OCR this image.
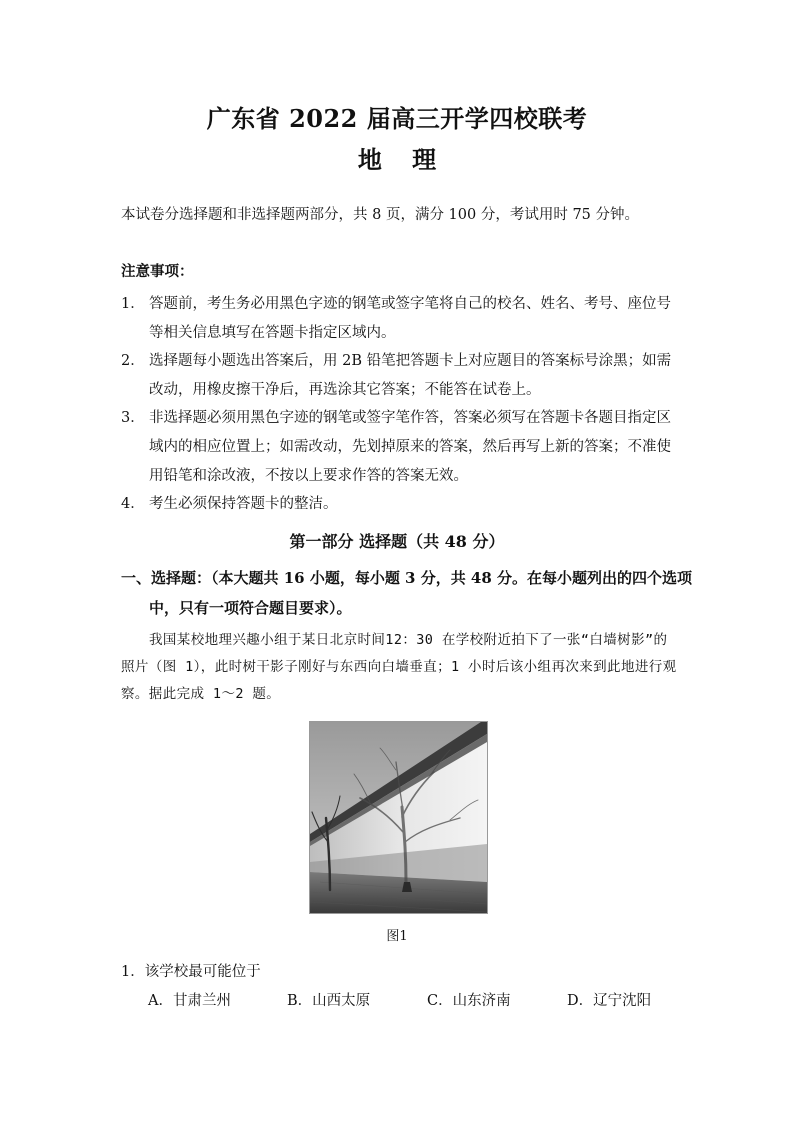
广东省 2022 届高三开学四校联考
地 理
本试卷分选择题和非选择题两部分，共 8 页，满分 100 分，考试用时 75 分钟。
注意事项：
1． 答题前，考生务必用黑色字迹的钢笔或签字笔将自己的校名、姓名、考号、座位号等相关信息填写在答题卡指定区域内。
2． 选择题每小题选出答案后，用 2B 铅笔把答题卡上对应题目的答案标号涂黑；如需改动，用橡皮擦干净后，再选涂其它答案；不能答在试卷上。
3． 非选择题必须用黑色字迹的钢笔或签字笔作答，答案必须写在答题卡各题目指定区域内的相应位置上；如需改动，先划掉原来的答案，然后再写上新的答案；不准使用铅笔和涂改液，不按以上要求作答的答案无效。
4． 考生必须保持答题卡的整洁。
第一部分 选择题（共 48 分）
一、选择题：（本大题共 16 小题，每小题 3 分，共 48 分。在每小题列出的四个选项中，只有一项符合题目要求）。
我国某校地理兴趣小组于某日北京时间12：30 在学校附近拍下了一张“白墙树影”的照片（图 1），此时树干影子刚好与东西向白墙垂直；1 小时后该小组再次来到此地进行观察。据此完成 1～2 题。
图1
1．该学校最可能位于
A．甘肃兰州	B．山西太原	C．山东济南	D．辽宁沈阳
